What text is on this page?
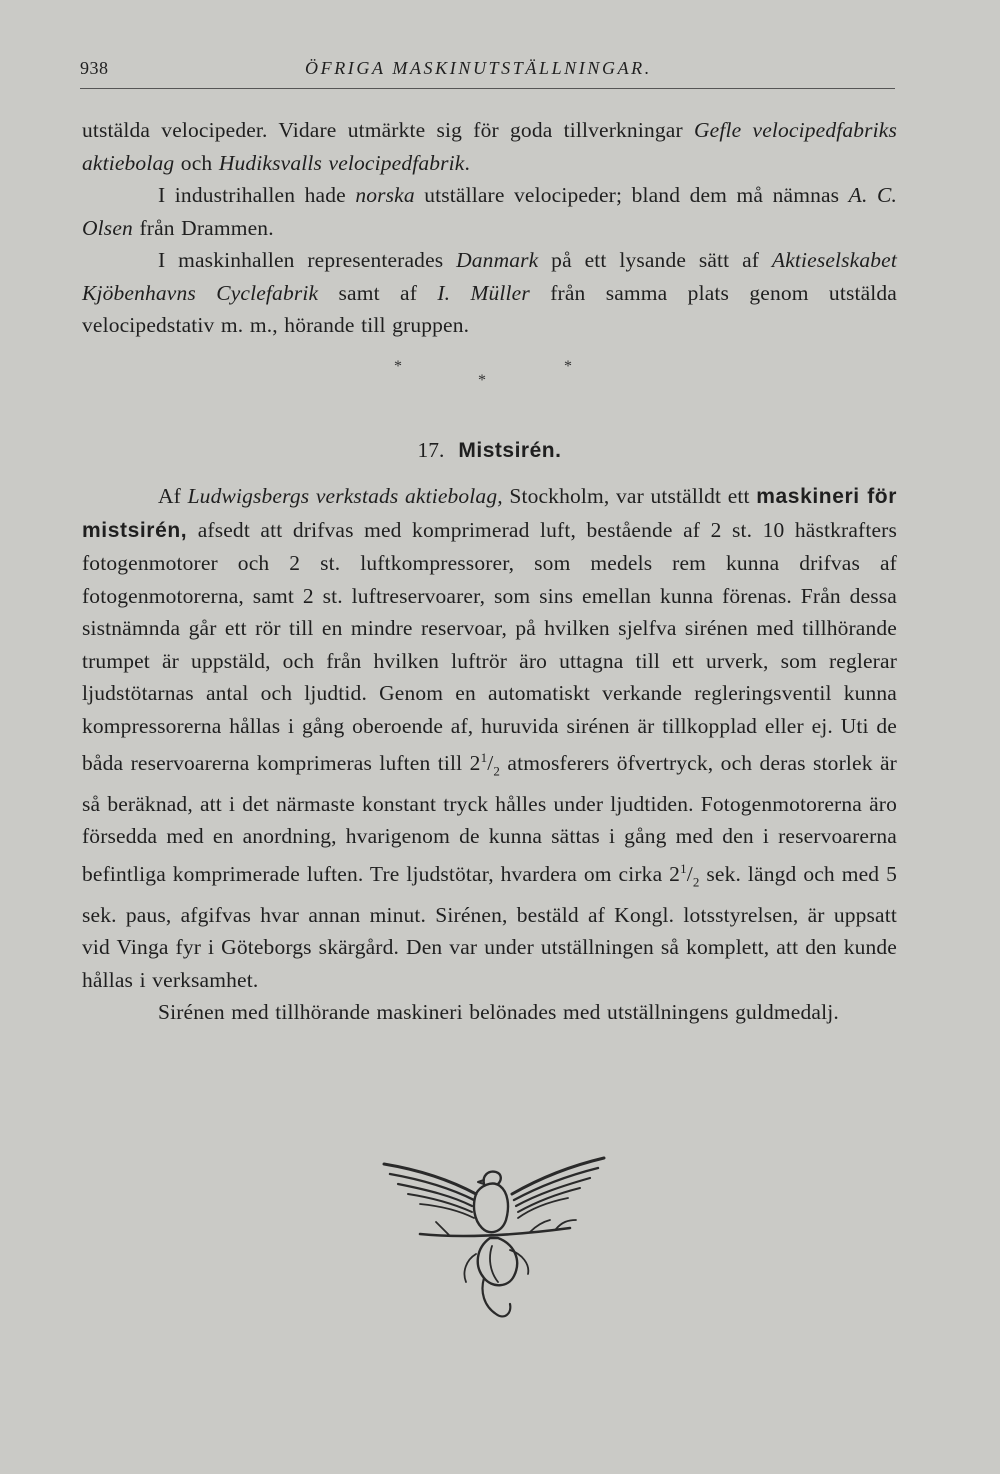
938	ÖFRIGA MASKINUTSTÄLLNINGAR.

utstälda velocipeder. Vidare utmärkte sig för goda tillverkningar Gefle velocipedfabriks aktiebolag och Hudiksvalls velocipedfabrik.

I industrihallen hade norska utställare velocipeder; bland dem må nämnas A. C. Olsen från Drammen.

I maskinhallen representerades Danmark på ett lysande sätt af Aktieselskabet Kjöbenhavns Cyclefabrik samt af I. Müller från samma plats genom utstälda velocipedstativ m. m., hörande till gruppen.

*
*
*
17. Mistsirén.

Af Ludwigsbergs verkstads aktiebolag, Stockholm, var utställdt ett maskineri för mistsirén, afsedt att drifvas med komprimerad luft, bestående af 2 st. 10 hästkrafters fotogenmotorer och 2 st. luftkompressorer, som medels rem kunna drifvas af fotogenmotorerna, samt 2 st. luftreservoarer, som sins emellan kunna förenas. Från dessa sistnämnda går ett rör till en mindre reservoar, på hvilken sjelfva sirénen med tillhörande trumpet är uppstäld, och från hvilken luftrör äro uttagna till ett urverk, som reglerar ljudstötarnas antal och ljudtid. Genom en automatiskt verkande regleringsventil kunna kompressorerna hållas i gång oberoende af, huruvida sirénen är tillkopplad eller ej. Uti de båda reservoarerna komprimeras luften till $2^1/_2$ atmosferers öfvertryck, och deras storlek är så beräknad, att i det närmaste konstant tryck hålles under ljudtiden. Fotogenmotorerna äro försedda med en anordning, hvarigenom de kunna sättas i gång med den i reservoarerna befintliga komprimerade luften. Tre ljudstötar, hvardera om cirka $2^1/_2$ sek. längd och med 5 sek. paus, afgifvas hvar annan minut. Sirénen, bestäld af Kongl. lotsstyrelsen, är uppsatt vid Vinga fyr i Göteborgs skärgård. Den var under utställningen så komplett, att den kunde hållas i verksamhet.

Sirénen med tillhörande maskineri belönades med utställningens guldmedalj.
